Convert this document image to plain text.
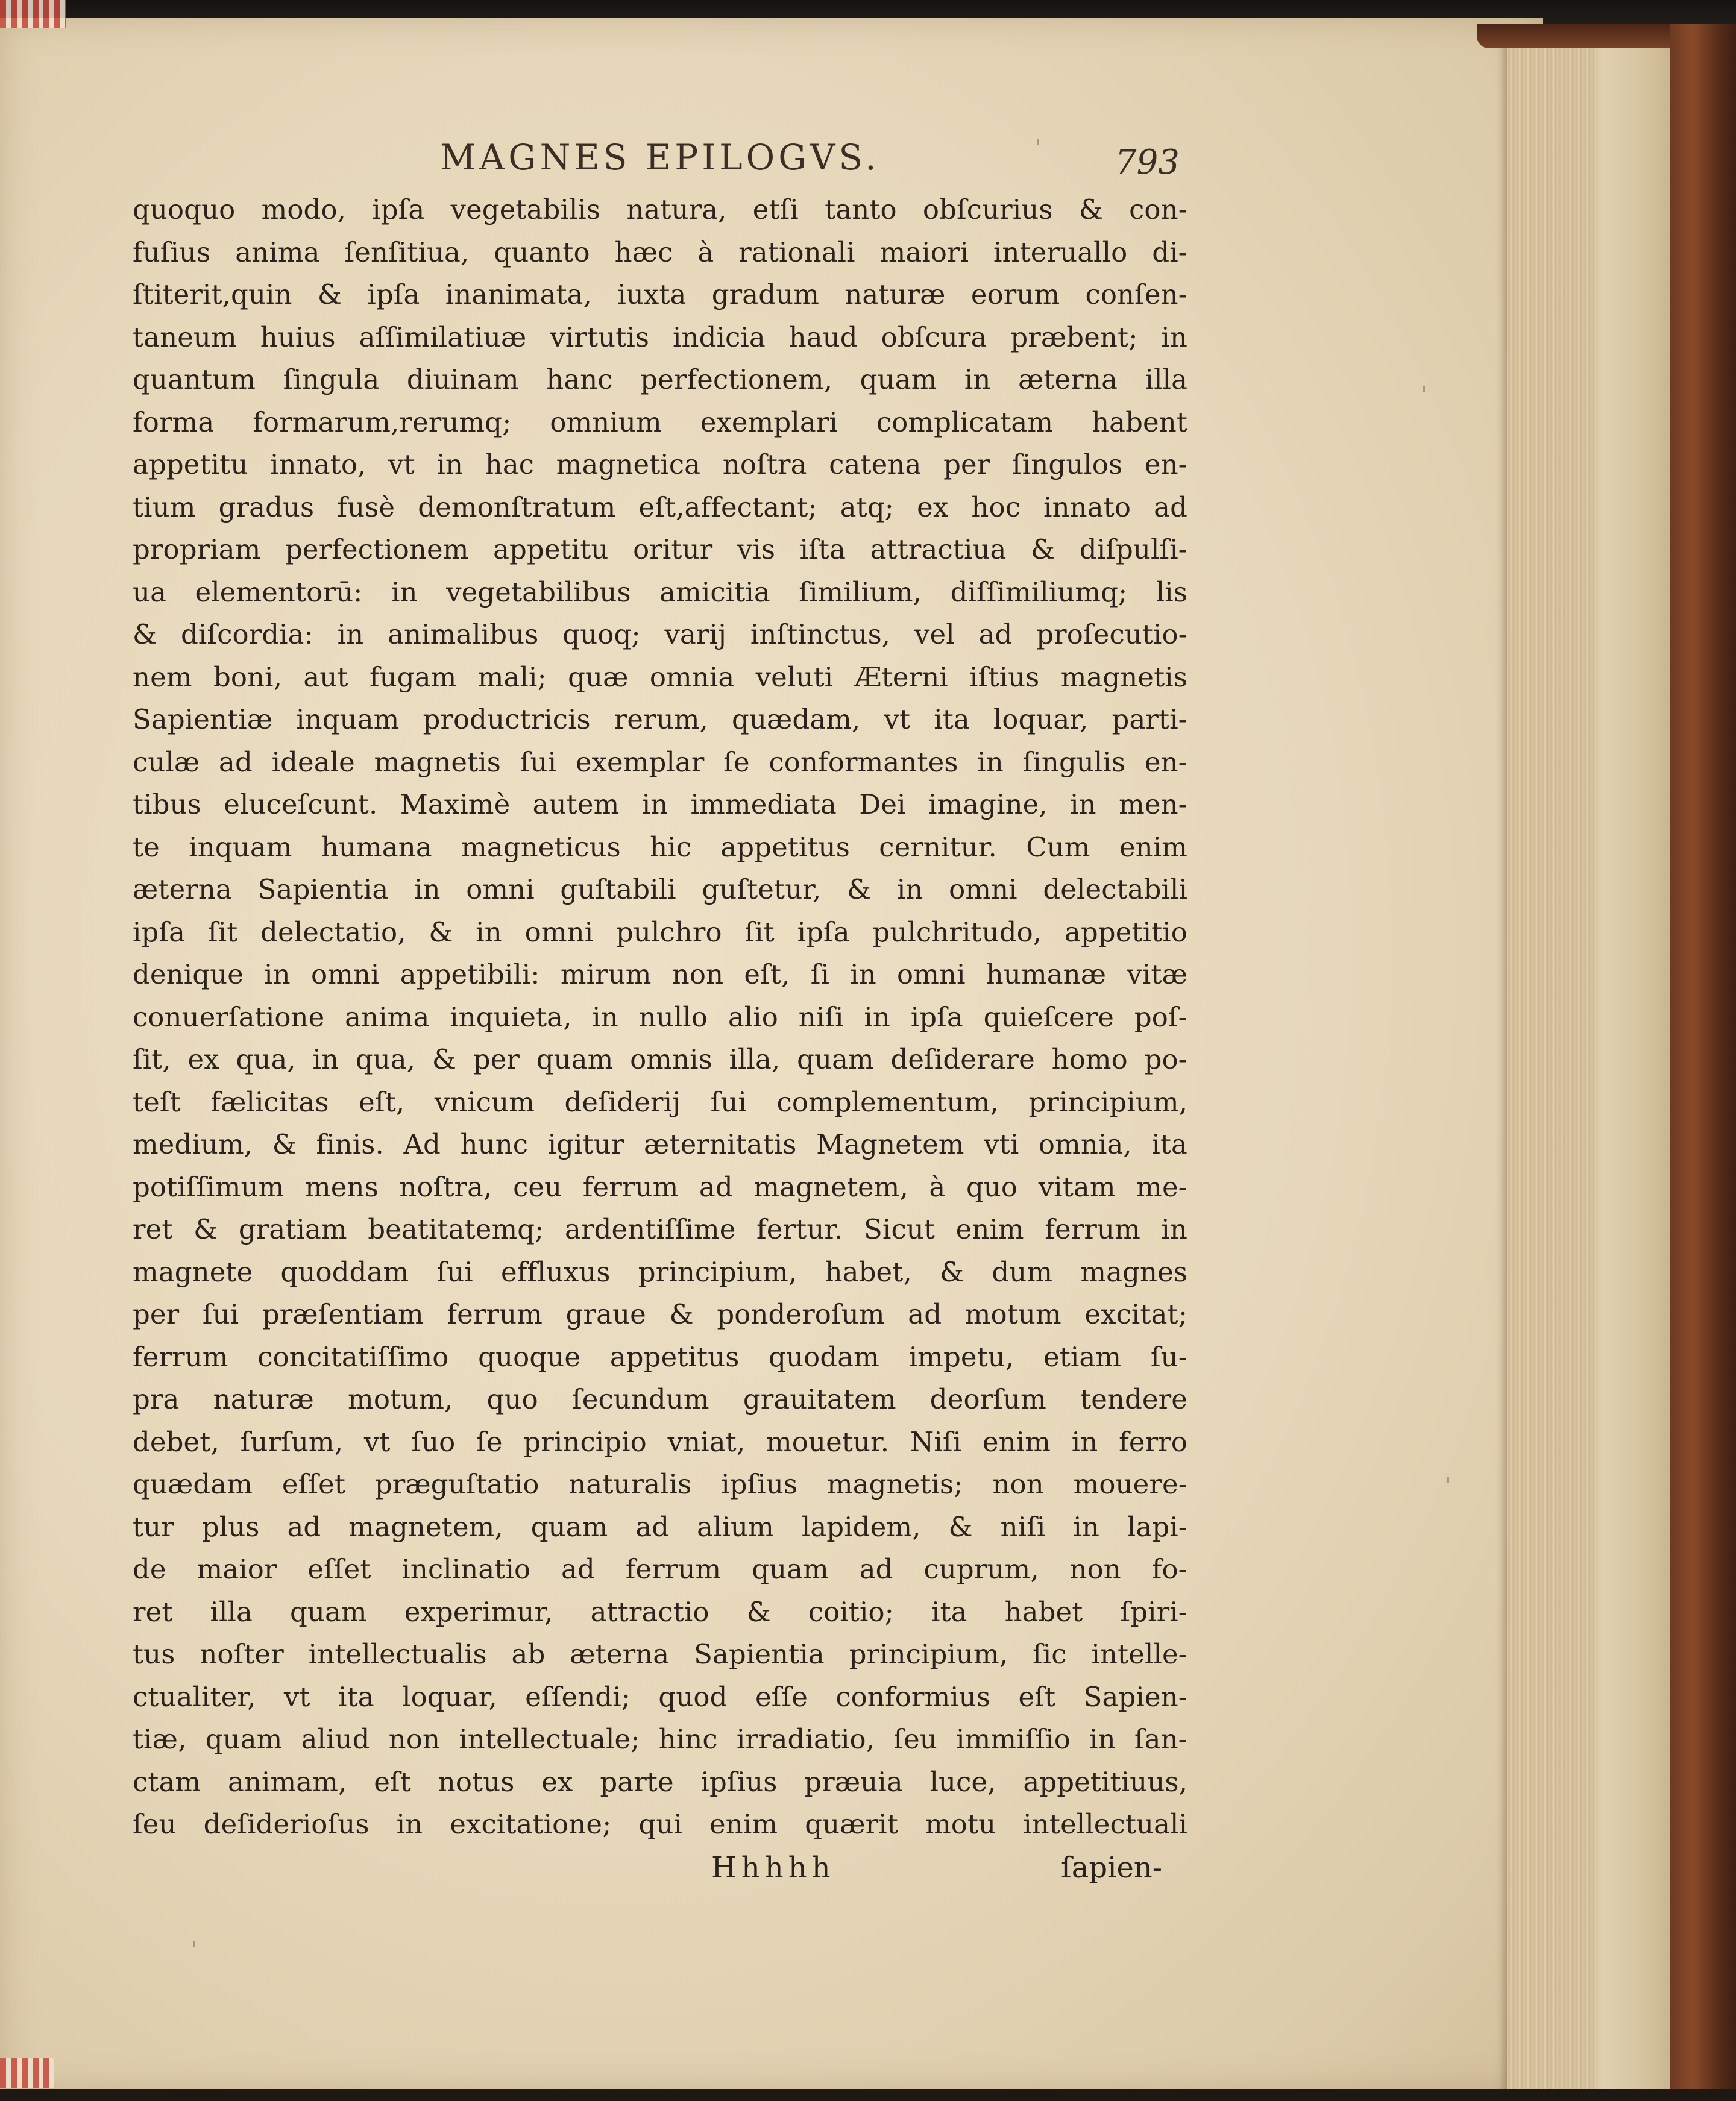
MAGNES EPILOGVS.	793
quoquo modo, ipſa vegetabilis natura, etſi tanto obſcurius & con-
fuſius anima ſenſitiua, quanto hæc à rationali maiori interuallo di-
ſtiterit,quin & ipſa inanimata, iuxta gradum naturæ eorum conſen-
taneum huius aſſimilatiuæ virtutis indicia haud obſcura præbent; in
quantum ſingula diuinam hanc perfectionem, quam in æterna illa
forma formarum,rerumq; omnium exemplari complicatam habent
appetitu innato, vt in hac magnetica noſtra catena per ſingulos en-
tium gradus fusè demonſtratum eſt,affectant; atq; ex hoc innato ad
propriam perfectionem appetitu oritur vis iſta attractiua & diſpulſi-
ua elementorū: in vegetabilibus amicitia ſimilium, diſſimiliumq; lis
& diſcordia: in animalibus quoq; varij inſtinctus, vel ad proſecutio-
nem boni, aut fugam mali; quæ omnia veluti Æterni iſtius magnetis
Sapientiæ inquam productricis rerum, quædam, vt ita loquar, parti-
culæ ad ideale magnetis ſui exemplar ſe conformantes in ſingulis en-
tibus eluceſcunt. Maximè autem in immediata Dei imagine, in men-
te inquam humana magneticus hic appetitus cernitur. Cum enim
æterna Sapientia in omni guſtabili guſtetur, & in omni delectabili
ipſa ſit delectatio, & in omni pulchro ſit ipſa pulchritudo, appetitio
denique in omni appetibili: mirum non eſt, ſi in omni humanæ vitæ
conuerſatione anima inquieta, in nullo alio niſi in ipſa quieſcere poſ-
ſit, ex qua, in qua, & per quam omnis illa, quam deſiderare homo po-
teſt fælicitas eſt, vnicum deſiderij ſui complementum, principium,
medium, & finis. Ad hunc igitur æternitatis Magnetem vti omnia, ita
potiſſimum mens noſtra, ceu ferrum ad magnetem, à quo vitam me-
ret & gratiam beatitatemq; ardentiſſime fertur. Sicut enim ferrum in
magnete quoddam ſui effluxus principium, habet, & dum magnes
per ſui præſentiam ferrum graue & ponderoſum ad motum excitat;
ferrum concitatiſſimo quoque appetitus quodam impetu, etiam ſu-
pra naturæ motum, quo ſecundum grauitatem deorſum tendere
debet, ſurſum, vt ſuo ſe principio vniat, mouetur. Niſi enim in ferro
quædam eſſet præguſtatio naturalis ipſius magnetis; non mouere-
tur plus ad magnetem, quam ad alium lapidem, & niſi in lapi-
de maior eſſet inclinatio ad ferrum quam ad cuprum, non fo-
ret illa quam experimur, attractio & coitio; ita habet ſpiri-
tus noſter intellectualis ab æterna Sapientia principium, ſic intelle-
ctualiter, vt ita loquar, eſſendi; quod eſſe conformius eſt Sapien-
tiæ, quam aliud non intellectuale; hinc irradiatio, ſeu immiſſio in ſan-
ctam animam, eſt notus ex parte ipſius præuia luce, appetitiuus,
ſeu deſiderioſus in excitatione; qui enim quærit motu intellectuali
Hhhhh	ſapien-
